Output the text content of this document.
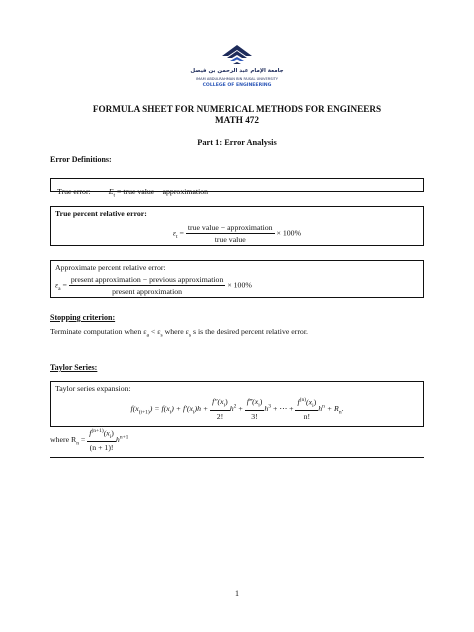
جامعة الإمام عبد الرحمن بن فيصل
IMAM ABDULRAHMAN BIN FAISAL UNIVERSITY
COLLEGE OF ENGINEERING
FORMULA SHEET FOR NUMERICAL METHODS FOR ENGINEERS
MATH 472
Part 1: Error Analysis
Error Definitions:
True error: $E_t$ = true value − approximation
True percent relative error:
$\varepsilon_t = \frac{\text{true value − approximation}}{\text{true value}} \times 100\%$
Approximate percent relative error:
$\varepsilon_a = \frac{\text{present approximation − previous approximation}}{\text{present approximation}} \times 100\%$
Stopping criterion:
Terminate computation when $\varepsilon_a < \varepsilon_s$ where $\varepsilon_s$ s is the desired percent relative error.
Taylor Series:
Taylor series expansion:
$f(x_{(i+1)}) = f(x_i) + f'(x_i)h + \frac{f''(x_i)}{2!} h^2 + \frac{f‴(x_i)}{3!} h^3$ + ⋯ + $\frac{f^{(n)}(x_i)}{n!} h^n + R_n$.
where $R_n = \frac{f^{(n+1)}(x_i)}{(n + 1)!} h^{n+1}$
1
